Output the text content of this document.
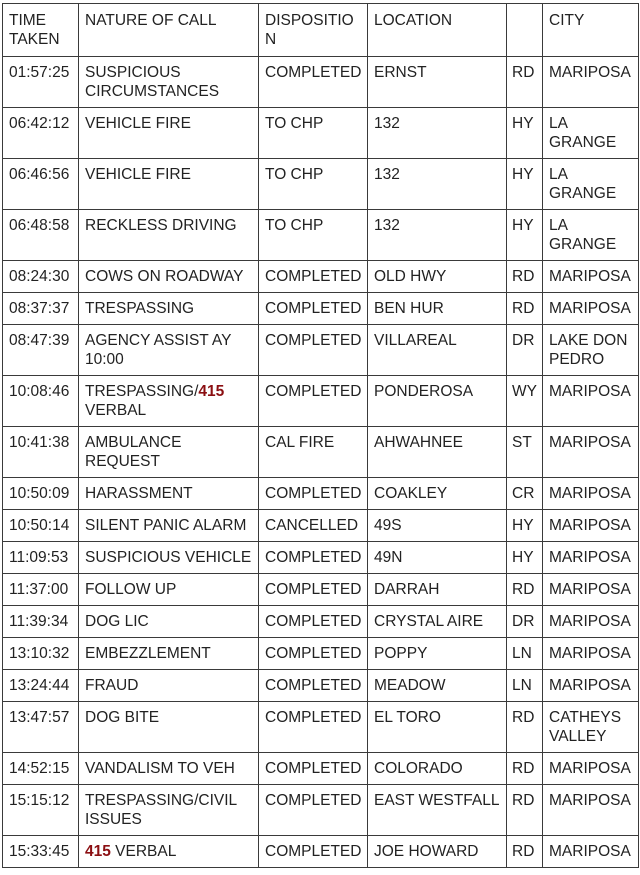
TIME TAKEN	NATURE OF CALL	DISPOSITION	LOCATION		CITY
01:57:25	SUSPICIOUS CIRCUMSTANCES	COMPLETED	ERNST	RD	MARIPOSA
06:42:12	VEHICLE FIRE	TO CHP	132	HY	LA GRANGE
06:46:56	VEHICLE FIRE	TO CHP	132	HY	LA GRANGE
06:48:58	RECKLESS DRIVING	TO CHP	132	HY	LA GRANGE
08:24:30	COWS ON ROADWAY	COMPLETED	OLD HWY	RD	MARIPOSA
08:37:37	TRESPASSING	COMPLETED	BEN HUR	RD	MARIPOSA
08:47:39	AGENCY ASSIST AY 10:00	COMPLETED	VILLAREAL	DR	LAKE DON PEDRO
10:08:46	TRESPASSING/415 VERBAL	COMPLETED	PONDEROSA	WY	MARIPOSA
10:41:38	AMBULANCE REQUEST	CAL FIRE	AHWAHNEE	ST	MARIPOSA
10:50:09	HARASSMENT	COMPLETED	COAKLEY	CR	MARIPOSA
10:50:14	SILENT PANIC ALARM	CANCELLED	49S	HY	MARIPOSA
11:09:53	SUSPICIOUS VEHICLE	COMPLETED	49N	HY	MARIPOSA
11:37:00	FOLLOW UP	COMPLETED	DARRAH	RD	MARIPOSA
11:39:34	DOG LIC	COMPLETED	CRYSTAL AIRE	DR	MARIPOSA
13:10:32	EMBEZZLEMENT	COMPLETED	POPPY	LN	MARIPOSA
13:24:44	FRAUD	COMPLETED	MEADOW	LN	MARIPOSA
13:47:57	DOG BITE	COMPLETED	EL TORO	RD	CATHEYS VALLEY
14:52:15	VANDALISM TO VEH	COMPLETED	COLORADO	RD	MARIPOSA
15:15:12	TRESPASSING/CIVIL ISSUES	COMPLETED	EAST WESTFALL	RD	MARIPOSA
15:33:45	415 VERBAL	COMPLETED	JOE HOWARD	RD	MARIPOSA
